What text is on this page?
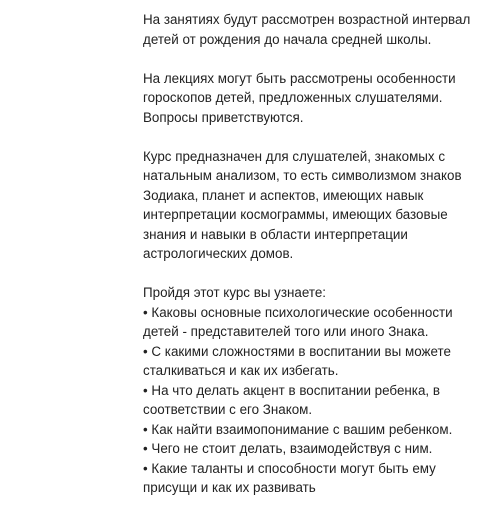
На занятиях будут рассмотрен возрастной интервал
детей от рождения до начала средней школы.

На лекциях могут быть рассмотрены особенности
гороскопов детей, предложенных слушателями.
Вопросы приветствуются.

Курс предназначен для слушателей, знакомых с
натальным анализом, то есть символизмом знаков
Зодиака, планет и аспектов, имеющих навык
интерпретации космограммы, имеющих базовые
знания и навыки в области интерпретации
астрологических домов.

Пройдя этот курс вы узнаете:
• Каковы основные психологические особенности
детей - представителей того или иного Знака.
• С какими сложностями в воспитании вы можете
сталкиваться и как их избегать.
• На что делать акцент в воспитании ребенка, в
соответствии с его Знаком.
• Как найти взаимопонимание с вашим ребенком.
• Чего не стоит делать, взаимодействуя с ним.
• Какие таланты и способности могут быть ему
присущи и как их развивать
